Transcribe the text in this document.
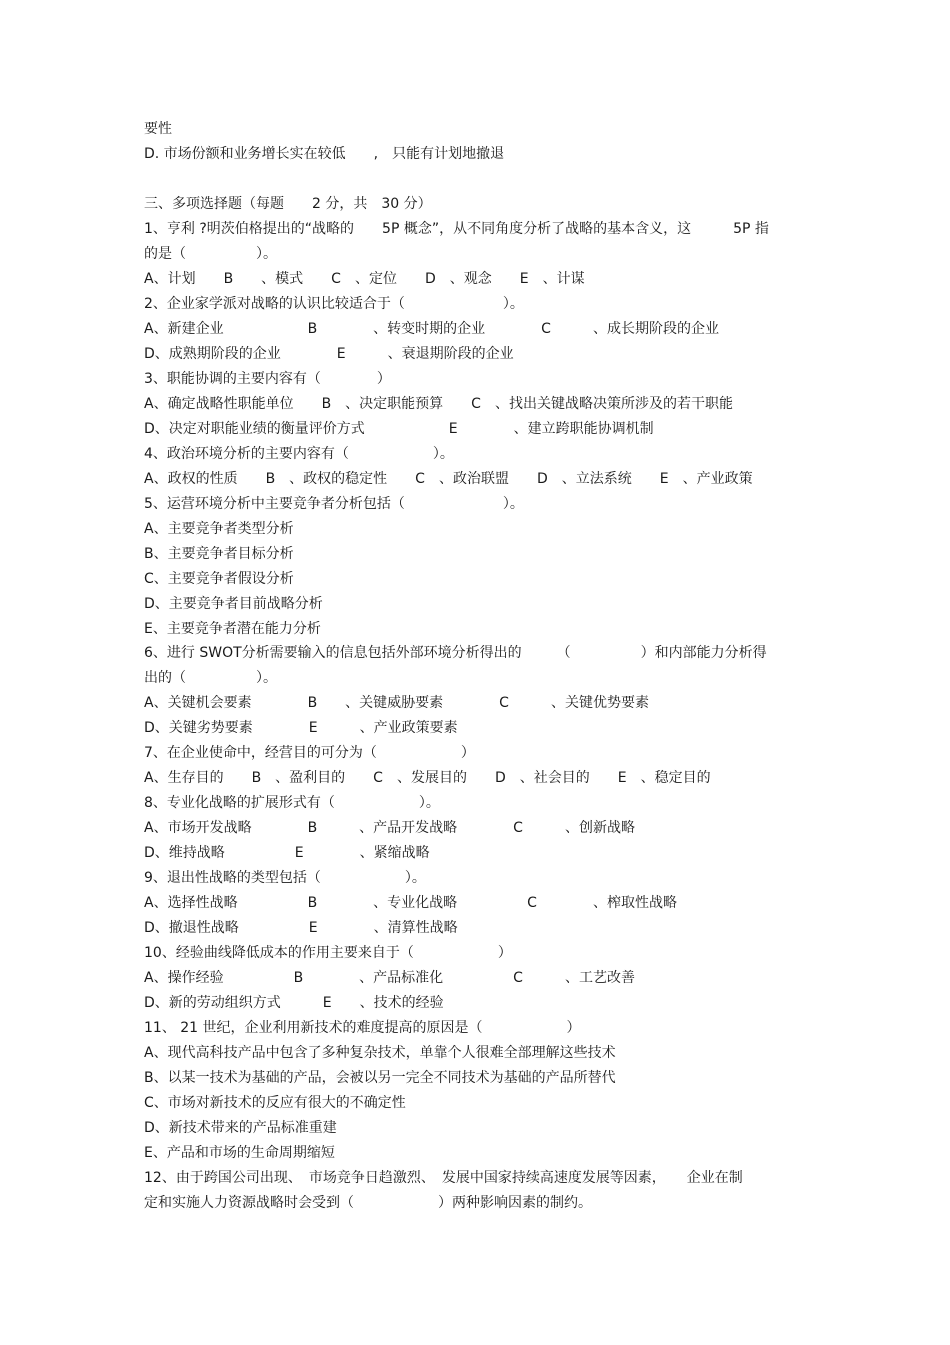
要性
D. 市场份额和业务增长实在较低　　,　只能有计划地撤退
三、多项选择题（每题　　2 分，共　30 分）
1、亨利 ?明茨伯格提出的“战略的　　5P 概念”，从不同角度分析了战略的基本含义，这　　　5P 指
的是（　　　　　）。
A、计划　　B　　、模式　　C　、定位　　D　、观念　　E　、计谋
2、企业家学派对战略的认识比较适合于（　　　　　　　）。
A、新建企业　　　　　　B　　　　、转变时期的企业　　　　C　　　、成长期阶段的企业
D、成熟期阶段的企业　　　　E　　　、衰退期阶段的企业
3、职能协调的主要内容有（　　　　）
A、确定战略性职能单位　　B　、决定职能预算　　C　、找出关键战略决策所涉及的若干职能
D、决定对职能业绩的衡量评价方式　　　　　　E　　　　、建立跨职能协调机制
4、政治环境分析的主要内容有（　　　　　　）。
A、政权的性质　　B　、政权的稳定性　　C　、政治联盟　　D　、立法系统　　E　、产业政策
5、运营环境分析中主要竞争者分析包括（　　　　　　　）。
A、主要竞争者类型分析
B、主要竞争者目标分析
C、主要竞争者假设分析
D、主要竞争者目前战略分析
E、主要竞争者潜在能力分析
6、进行 SWOT分析需要输入的信息包括外部环境分析得出的　　　（　　　　　）和内部能力分析得
出的（　　　　　）。
A、关键机会要素　　　　B　　、关键威胁要素　　　　C　　　、关键优势要素
D、关键劣势要素　　　　E　　　、产业政策要素
7、在企业使命中，经营目的可分为（　　　　　　）
A、生存目的　　B　、盈利目的　　C　、发展目的　　D　、社会目的　　E　、稳定目的
8、专业化战略的扩展形式有（　　　　　　）。
A、市场开发战略　　　　B　　　、产品开发战略　　　　C　　　、创新战略
D、维持战略　　　　　E　　　　、紧缩战略
9、退出性战略的类型包括（　　　　　　）。
A、选择性战略　　　　　B　　　　、专业化战略　　　　　C　　　　、榨取性战略
D、撤退性战略　　　　　E　　　　、清算性战略
10、经验曲线降低成本的作用主要来自于（　　　　　　）
A、操作经验　　　　　B　　　　、产品标准化　　　　　C　　　、工艺改善
D、新的劳动组织方式　　　E　　、技术的经验
11、 21 世纪，企业利用新技术的难度提高的原因是（　　　　　　）
A、现代高科技产品中包含了多种复杂技术，单靠个人很难全部理解这些技术
B、以某一技术为基础的产品，会被以另一完全不同技术为基础的产品所替代
C、市场对新技术的反应有很大的不确定性
D、新技术带来的产品标准重建
E、产品和市场的生命周期缩短
12、由于跨国公司出现、　市场竞争日趋激烈、　发展中国家持续高速度发展等因素，　　企业在制
定和实施人力资源战略时会受到（　　　　　　）两种影响因素的制约。
